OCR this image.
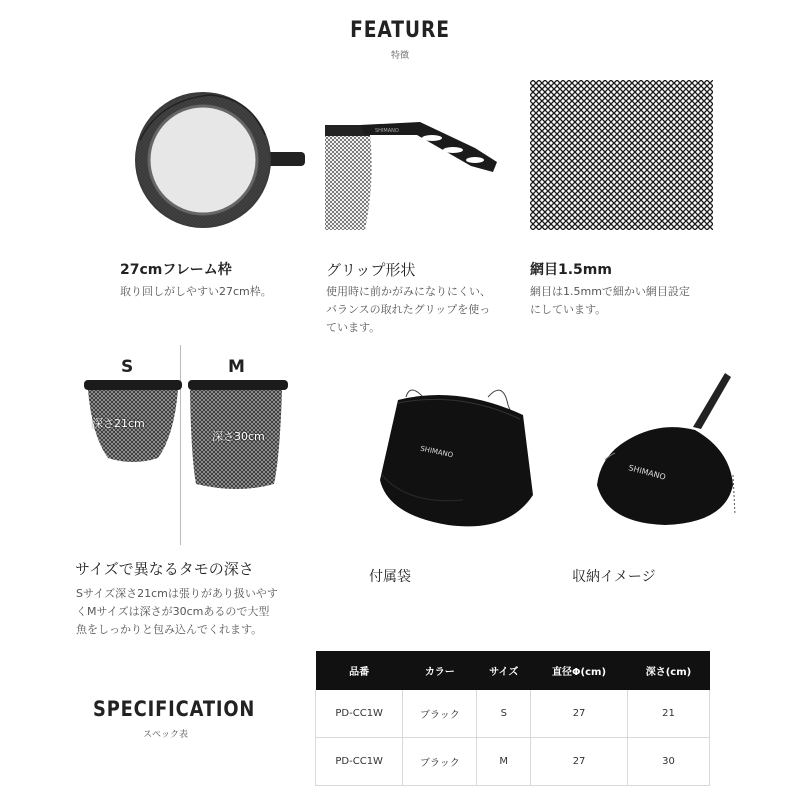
FEATURE
特徴
SHIMANO
27cmフレーム枠
取り回しがしやすい27cm枠。
グリップ形状
使用時に前かがみになりにくい、
バランスの取れたグリップを使っ
ています。
網目1.5mm
網目は1.5mmで細かい網目設定
にしています。
S	M
深さ21cm
深さ30cm
サイズで異なるタモの深さ
Sサイズ深さ21cmは張りがあり扱いやす
くMサイズは深さが30cmあるので大型
魚をしっかりと包み込んでくれます。
SHIMANO
付属袋
SHIMANO
収納イメージ
SPECIFICATION
スペック表
品番	カラー	サイズ	直径Φ(cm)	深さ(cm)
PD-CC1W	ブラック	S	27	21
PD-CC1W	ブラック	M	27	30
